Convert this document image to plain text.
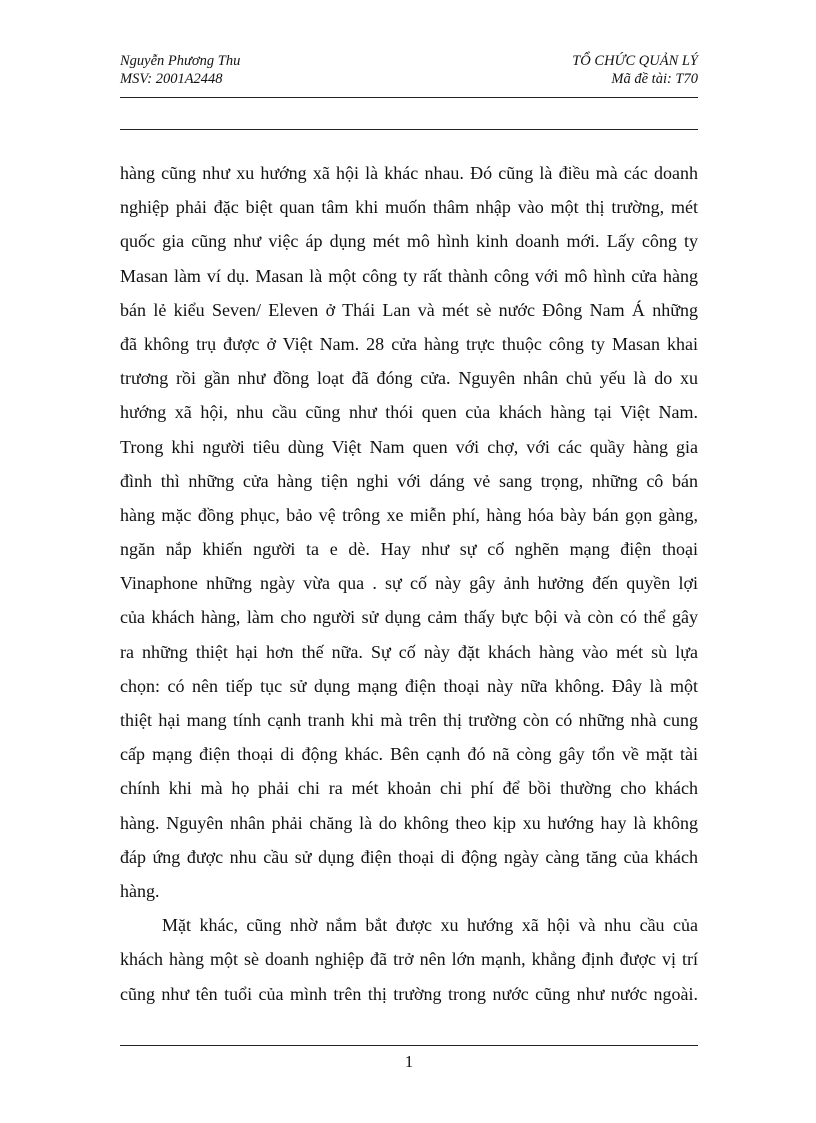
Nguyễn Phương Thu
MSV: 2001A2448
TỔ CHỨC QUẢN LÝ
Mã đề tài: T70
hàng cũng như xu hướng xã hội là khác nhau. Đó cũng là điều mà các doanh
nghiệp phải đặc biệt quan tâm khi muốn thâm nhập vào một thị trường, mét
quốc gia cũng như việc áp dụng mét mô hình kinh doanh mới. Lấy công ty
Masan làm ví dụ. Masan là một công ty rất thành công với mô hình cửa hàng
bán lẻ kiểu Seven/ Eleven ở Thái Lan và mét sè nước Đông Nam Á những
đã không trụ được ở Việt Nam. 28 cửa hàng trực thuộc công ty Masan khai
trương rồi gần như đồng loạt đã đóng cửa. Nguyên nhân chủ yếu là do xu
hướng xã hội, nhu cầu cũng như thói quen của khách hàng tại Việt Nam.
Trong khi người tiêu dùng Việt Nam quen với chợ, với các quầy hàng gia
đình thì những cửa hàng tiện nghi với dáng vẻ sang trọng, những cô bán
hàng mặc đồng phục, bảo vệ trông xe miễn phí, hàng hóa bày bán gọn gàng,
ngăn nắp khiến người ta e dè. Hay như sự cố nghẽn mạng điện thoại
Vinaphone những ngày vừa qua . sự cố này gây ảnh hưởng đến quyền lợi
của khách hàng, làm cho người sử dụng cảm thấy bực bội và còn có thể gây
ra những thiệt hại hơn thế nữa. Sự cố này đặt khách hàng vào mét sù lựa
chọn: có nên tiếp tục sử dụng mạng điện thoại này nữa không. Đây là một
thiệt hại mang tính cạnh tranh khi mà trên thị trường còn có những nhà cung
cấp mạng điện thoại di động khác. Bên cạnh đó nã còng gây tổn về mặt tài
chính khi mà họ phải chi ra mét khoản chi phí để bồi thường cho khách
hàng. Nguyên nhân phải chăng là do không theo kịp xu hướng hay là không
đáp ứng được nhu cầu sử dụng điện thoại di động ngày càng tăng của khách
hàng.
Mặt khác, cũng nhờ nắm bắt được xu hướng xã hội và nhu cầu của
khách hàng một sè doanh nghiệp đã trở nên lớn mạnh, khẳng định được vị trí
cũng như tên tuổi của mình trên thị trường trong nước cũng như nước ngoài.
1
